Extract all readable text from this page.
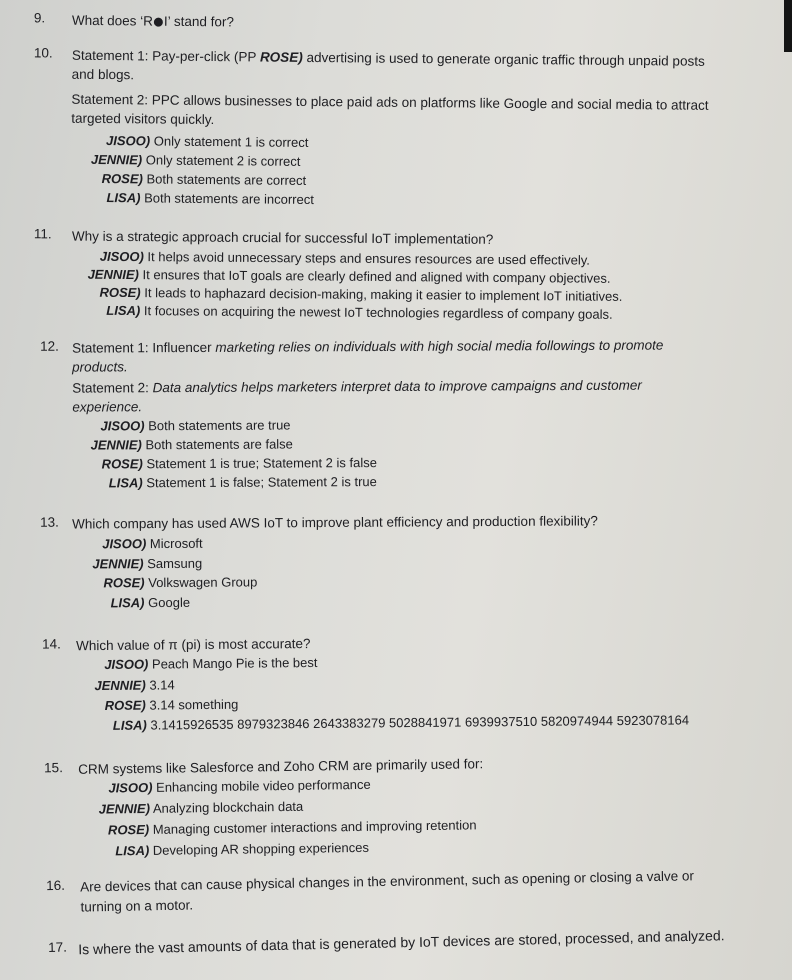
9. What does ‘R I’ stand for?
10. Statement 1: Pay-per-click (PP ROSE) advertising is used to generate organic traffic through unpaid posts
and blogs.
Statement 2: PPC allows businesses to place paid ads on platforms like Google and social media to attract
targeted visitors quickly.
JISOO) Only statement 1 is correct
JENNIE) Only statement 2 is correct
ROSE) Both statements are correct
LISA) Both statements are incorrect
11. Why is a strategic approach crucial for successful IoT implementation?
JISOO) It helps avoid unnecessary steps and ensures resources are used effectively.
JENNIE) It ensures that IoT goals are clearly defined and aligned with company objectives.
ROSE) It leads to haphazard decision-making, making it easier to implement IoT initiatives.
LISA) It focuses on acquiring the newest IoT technologies regardless of company goals.
12. Statement 1: Influencer marketing relies on individuals with high social media followings to promote
products.
Statement 2: Data analytics helps marketers interpret data to improve campaigns and customer
experience.
JISOO) Both statements are true
JENNIE) Both statements are false
ROSE) Statement 1 is true; Statement 2 is false
LISA) Statement 1 is false; Statement 2 is true
13. Which company has used AWS IoT to improve plant efficiency and production flexibility?
JISOO) Microsoft
JENNIE) Samsung
ROSE) Volkswagen Group
LISA) Google
14. Which value of π (pi) is most accurate?
JISOO) Peach Mango Pie is the best
JENNIE) 3.14
ROSE) 3.14 something
LISA) 3.1415926535 8979323846 2643383279 5028841971 6939937510 5820974944 5923078164
15. CRM systems like Salesforce and Zoho CRM are primarily used for:
JISOO) Enhancing mobile video performance
JENNIE) Analyzing blockchain data
ROSE) Managing customer interactions and improving retention
LISA) Developing AR shopping experiences
16. Are devices that can cause physical changes in the environment, such as opening or closing a valve or
turning on a motor.
17. Is where the vast amounts of data that is generated by IoT devices are stored, processed, and analyzed.
